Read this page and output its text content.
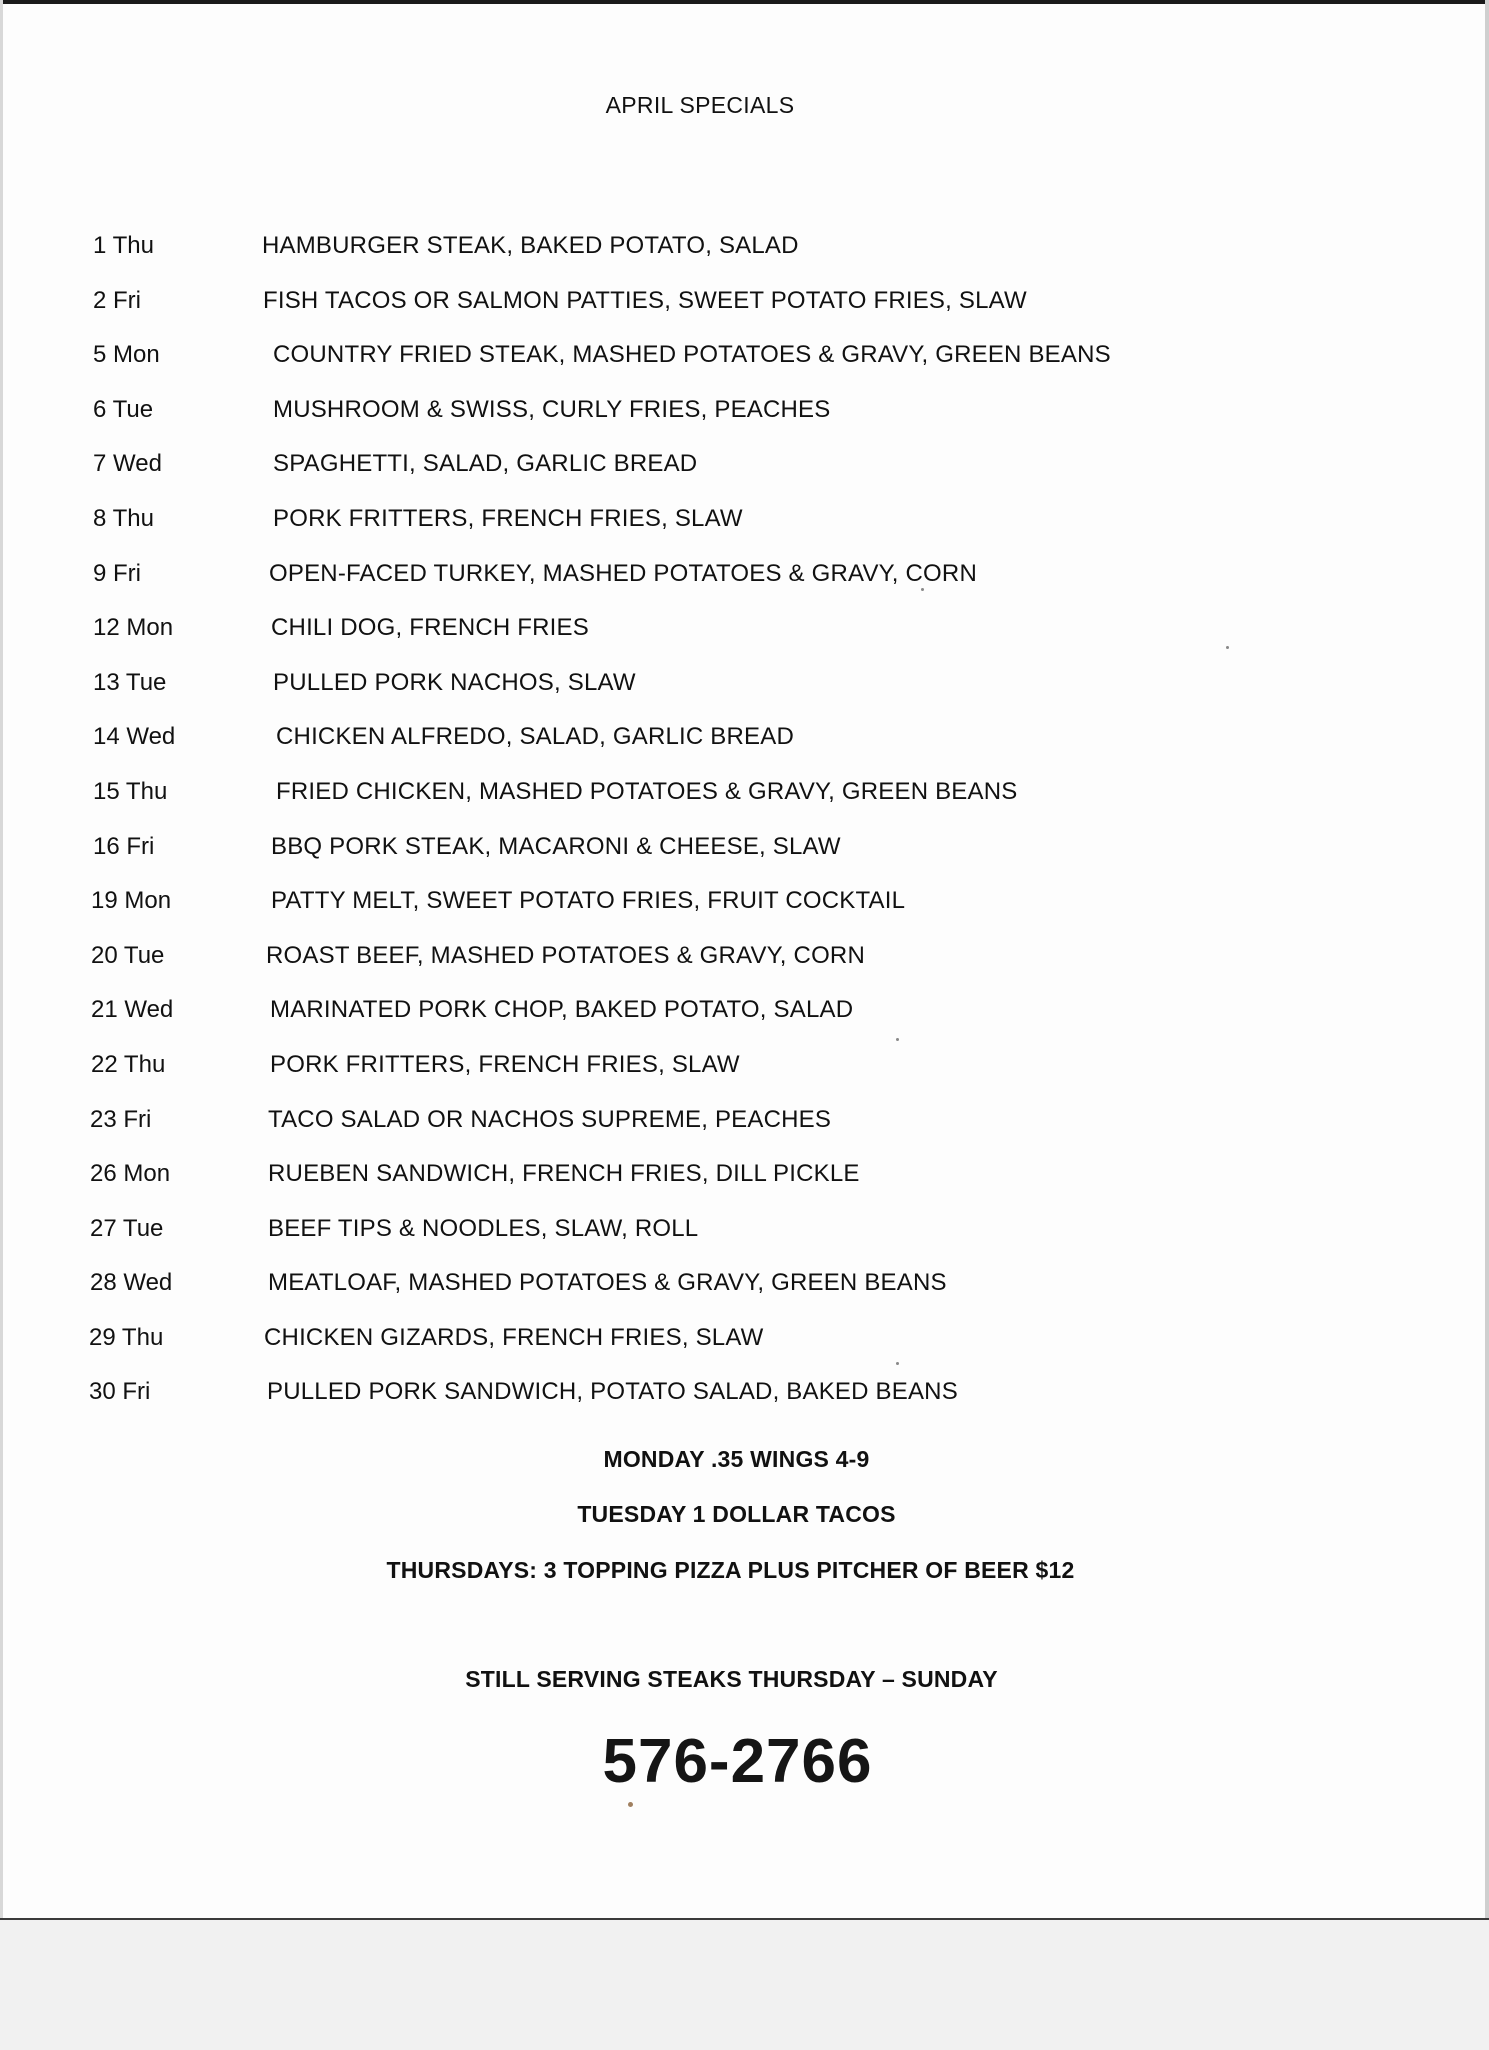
APRIL SPECIALS
1 Thu	HAMBURGER STEAK, BAKED POTATO, SALAD
2 Fri	FISH TACOS OR SALMON PATTIES, SWEET POTATO FRIES, SLAW
5 Mon	COUNTRY FRIED STEAK, MASHED POTATOES & GRAVY, GREEN BEANS
6 Tue	MUSHROOM & SWISS, CURLY FRIES, PEACHES
7 Wed	SPAGHETTI, SALAD, GARLIC BREAD
8 Thu	PORK FRITTERS, FRENCH FRIES, SLAW
9 Fri	OPEN-FACED TURKEY, MASHED POTATOES & GRAVY, CORN
12 Mon	CHILI DOG, FRENCH FRIES
13 Tue	PULLED PORK NACHOS, SLAW
14 Wed	CHICKEN ALFREDO, SALAD, GARLIC BREAD
15 Thu	FRIED CHICKEN, MASHED POTATOES & GRAVY, GREEN BEANS
16 Fri	BBQ PORK STEAK, MACARONI & CHEESE, SLAW
19 Mon	PATTY MELT, SWEET POTATO FRIES, FRUIT COCKTAIL
20 Tue	ROAST BEEF, MASHED POTATOES & GRAVY, CORN
21 Wed	MARINATED PORK CHOP, BAKED POTATO, SALAD
22 Thu	PORK FRITTERS, FRENCH FRIES, SLAW
23 Fri	TACO SALAD OR NACHOS SUPREME, PEACHES
26 Mon	RUEBEN SANDWICH, FRENCH FRIES, DILL PICKLE
27 Tue	BEEF TIPS & NOODLES, SLAW, ROLL
28 Wed	MEATLOAF, MASHED POTATOES & GRAVY, GREEN BEANS
29 Thu	CHICKEN GIZARDS, FRENCH FRIES, SLAW
30 Fri	PULLED PORK SANDWICH, POTATO SALAD, BAKED BEANS
MONDAY .35 WINGS 4-9
TUESDAY 1 DOLLAR TACOS
THURSDAYS: 3 TOPPING PIZZA PLUS PITCHER OF BEER $12
STILL SERVING STEAKS THURSDAY – SUNDAY
576-2766
